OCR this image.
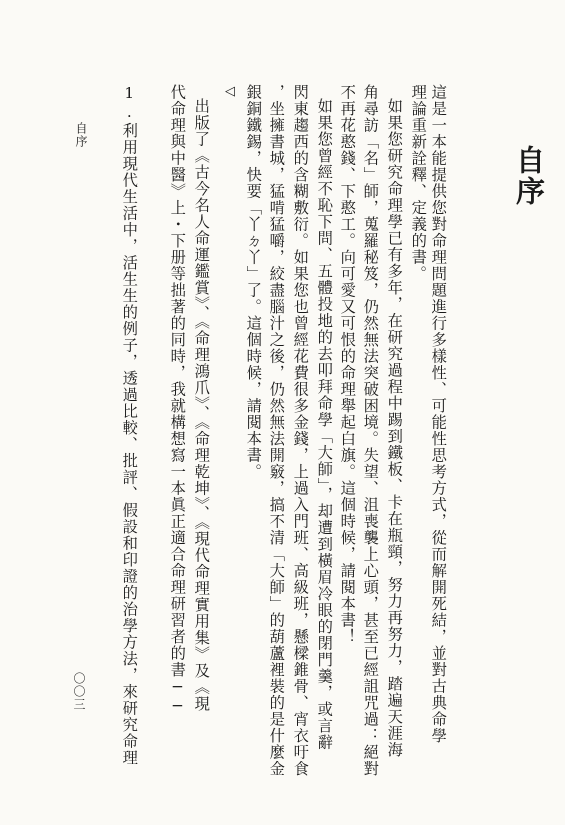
自序
這是一本能提供您對命理問題進行多樣性、可能性思考方式，從而解開死結，並對古典命學
理論重新詮釋、定義的書。
如果您研究命理學已有多年，在研究過程中踢到鐵板、卡在瓶頸，努力再努力，踏遍天涯海
角尋訪「名」師，蒐羅秘笈，仍然無法突破困境。失望、沮喪襲上心頭，甚至已經詛咒過：絕對
不再花憨錢、下憨工。向可愛又可恨的命理舉起白旗。這個時候，請閱本書！
如果您曾經不恥下問、五體投地的去叩拜命學「大師」，却遭到橫眉冷眼的閉門羹，或言辭
閃東趨西的含糊敷衍。如果您也曾經花費很多金錢，上過入門班、高級班，懸樑錐骨、宵衣吁食
，坐擁書城，猛啃猛嚼，絞盡腦汁之後，仍然無法開竅，搞不清「大師」的葫蘆裡裝的是什麼金
銀銅鐵錫，快要「丫ㄉ丫」了。這個時候，請閱本書。
◁
出版了《古今名人命運鑑賞》、《命理鴻爪》、《命理乾坤》、《現代命理實用集》及《現
代命理與中醫》上・下册等拙著的同時，我就構想寫一本眞正適合命理研習者的書──
1.利用現代生活中，活生生的例子，透過比較、批評、假設和印證的治學方法，來研究命理
自序
〇〇三
